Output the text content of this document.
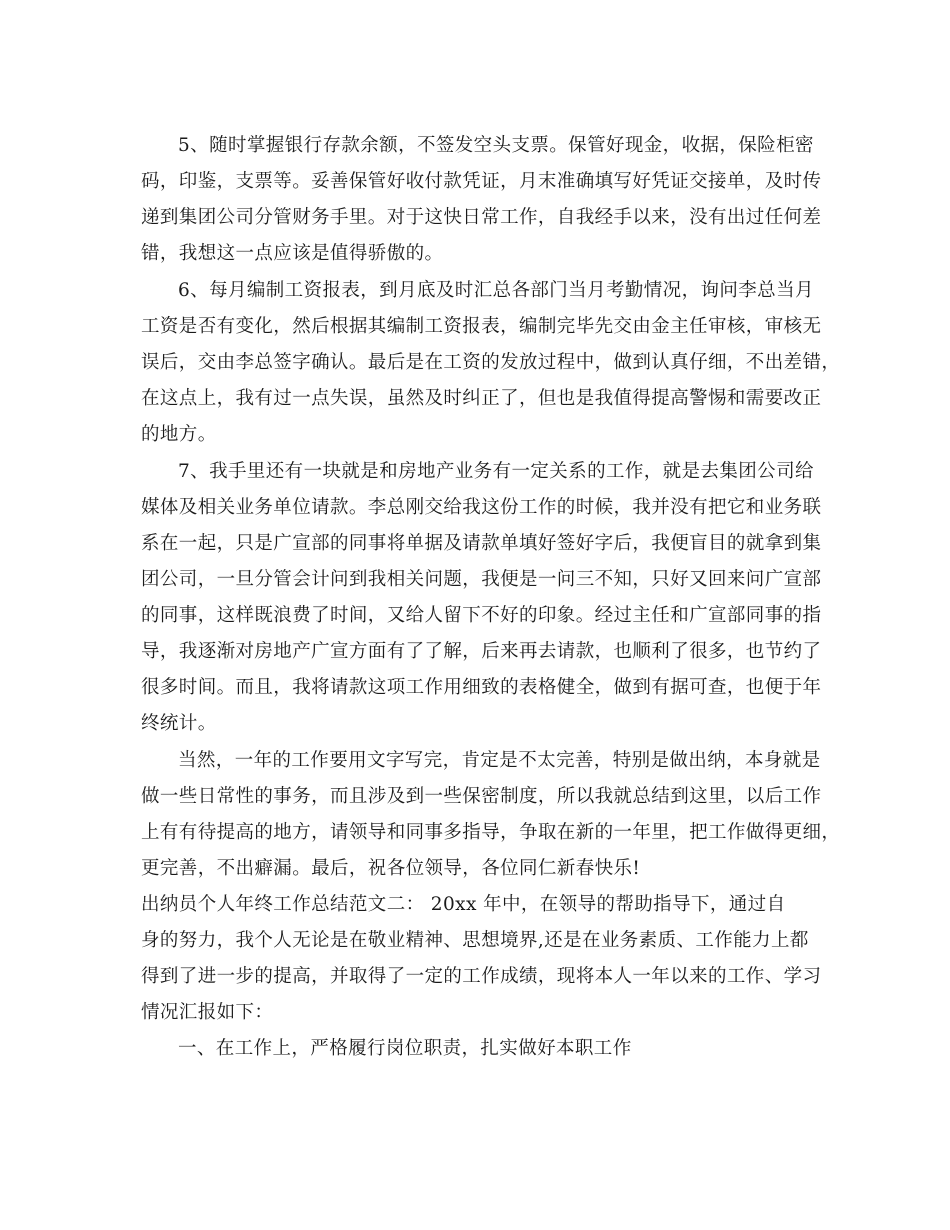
5、随时掌握银行存款余额，不签发空头支票。保管好现金，收据，保险柜密

码，印鉴，支票等。妥善保管好收付款凭证，月末准确填写好凭证交接单，及时传

递到集团公司分管财务手里。对于这快日常工作，自我经手以来，没有出过任何差

错，我想这一点应该是值得骄傲的。

6、每月编制工资报表，到月底及时汇总各部门当月考勤情况，询问李总当月

工资是否有变化，然后根据其编制工资报表，编制完毕先交由金主任审核，审核无

误后，交由李总签字确认。最后是在工资的发放过程中，做到认真仔细，不出差错，

在这点上，我有过一点失误，虽然及时纠正了，但也是我值得提高警惕和需要改正

的地方。

7、我手里还有一块就是和房地产业务有一定关系的工作，就是去集团公司给

媒体及相关业务单位请款。李总刚交给我这份工作的时候，我并没有把它和业务联

系在一起，只是广宣部的同事将单据及请款单填好签好字后，我便盲目的就拿到集

团公司，一旦分管会计问到我相关问题，我便是一问三不知，只好又回来问广宣部

的同事，这样既浪费了时间，又给人留下不好的印象。经过主任和广宣部同事的指

导，我逐渐对房地产广宣方面有了了解，后来再去请款，也顺利了很多，也节约了

很多时间。而且，我将请款这项工作用细致的表格健全，做到有据可查，也便于年

终统计。

当然，一年的工作要用文字写完，肯定是不太完善，特别是做出纳，本身就是

做一些日常性的事务，而且涉及到一些保密制度，所以我就总结到这里，以后工作

上有有待提高的地方，请领导和同事多指导，争取在新的一年里，把工作做得更细，

更完善，不出癖漏。最后，祝各位领导，各位同仁新春快乐!

出纳员个人年终工作总结范文二： 20xx 年中，在领导的帮助指导下，通过自

身的努力，我个人无论是在敬业精神、思想境界,还是在业务素质、工作能力上都

得到了进一步的提高，并取得了一定的工作成绩，现将本人一年以来的工作、学习

情况汇报如下：

一、在工作上，严格履行岗位职责，扎实做好本职工作
